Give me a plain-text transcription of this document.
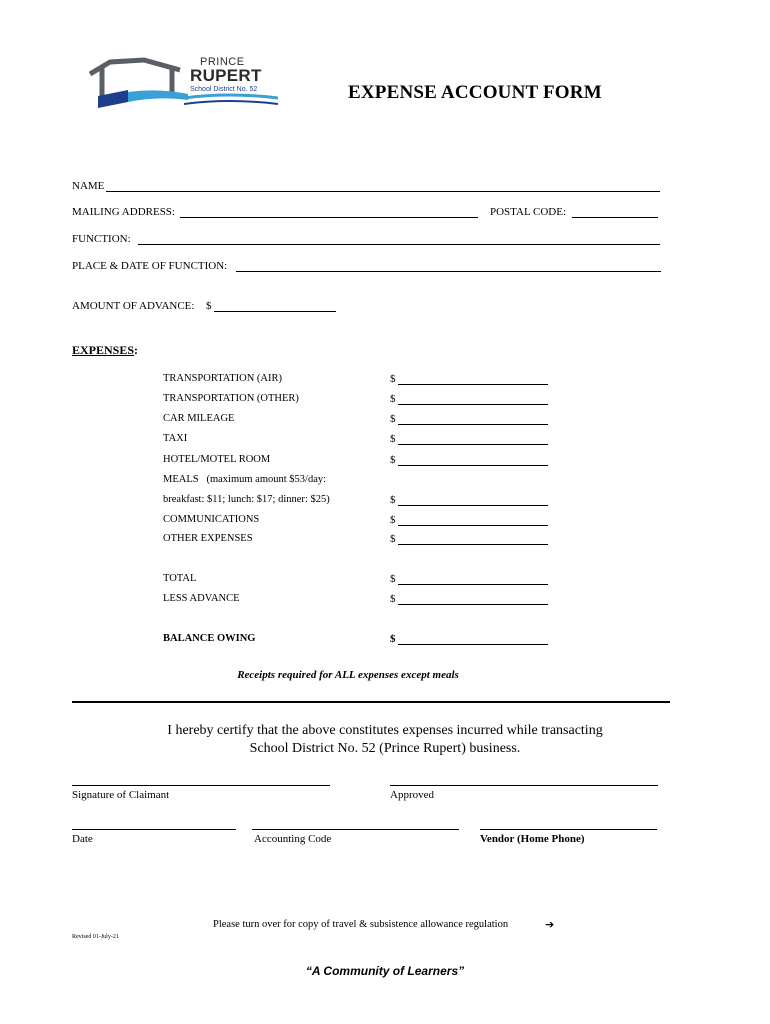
PRINCE
RUPERT
School District No. 52	EXPENSE ACCOUNT FORM
NAME
MAILING ADDRESS:	POSTAL CODE:
FUNCTION:
PLACE & DATE OF FUNCTION:
AMOUNT OF ADVANCE: $
EXPENSES:
TRANSPORTATION (AIR)	$
TRANSPORTATION (OTHER)	$
CAR MILEAGE	$
TAXI	$
HOTEL/MOTEL ROOM	$
MEALS   (maximum amount $53/day:
breakfast: $11; lunch: $17; dinner: $25)	$
COMMUNICATIONS	$
OTHER EXPENSES	$
TOTAL	$
LESS ADVANCE	$
BALANCE OWING	$
Receipts required for ALL expenses except meals
I hereby certify that the above constitutes expenses incurred while transacting
School District No. 52 (Prince Rupert) business.
Signature of Claimant	Approved
Date	Accounting Code	Vendor (Home Phone)
Please turn over for copy of travel & subsistence allowance regulation	➔
Revised 01-July-21
“A Community of Learners”
